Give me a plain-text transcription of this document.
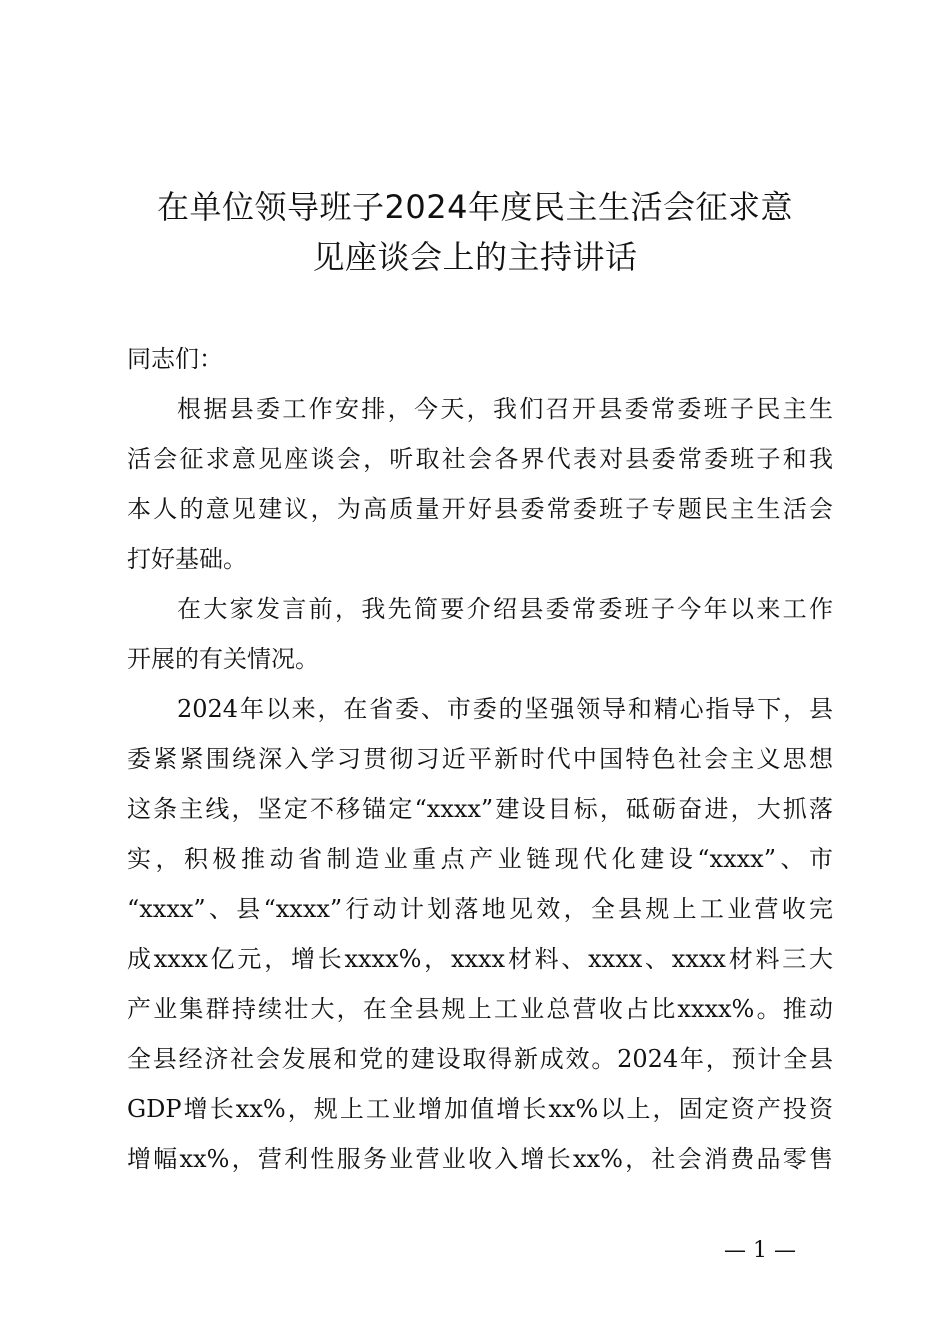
在单位领导班子2024年度民主生活会征求意
见座谈会上的主持讲话
同志们：
根据县委工作安排，今天，我们召开县委常委班子民主生
活会征求意见座谈会，听取社会各界代表对县委常委班子和我
本人的意见建议，为高质量开好县委常委班子专题民主生活会
打好基础。
在大家发言前，我先简要介绍县委常委班子今年以来工作
开展的有关情况。
2024年以来，在省委、市委的坚强领导和精心指导下，县
委紧紧围绕深入学习贯彻习近平新时代中国特色社会主义思想
这条主线，坚定不移锚定“xxxx”建设目标，砥砺奋进，大抓落
实，积极推动省制造业重点产业链现代化建设“xxxx”、市
“xxxx”、县“xxxx”行动计划落地见效，全县规上工业营收完
成xxxx亿元，增长xxxx%，xxxx材料、xxxx、xxxx材料三大
产业集群持续壮大，在全县规上工业总营收占比xxxx%。推动
全县经济社会发展和党的建设取得新成效。2024年，预计全县
GDP增长xx%，规上工业增加值增长xx%以上，固定资产投资
增幅xx%，营利性服务业营业收入增长xx%，社会消费品零售
— 1 —
